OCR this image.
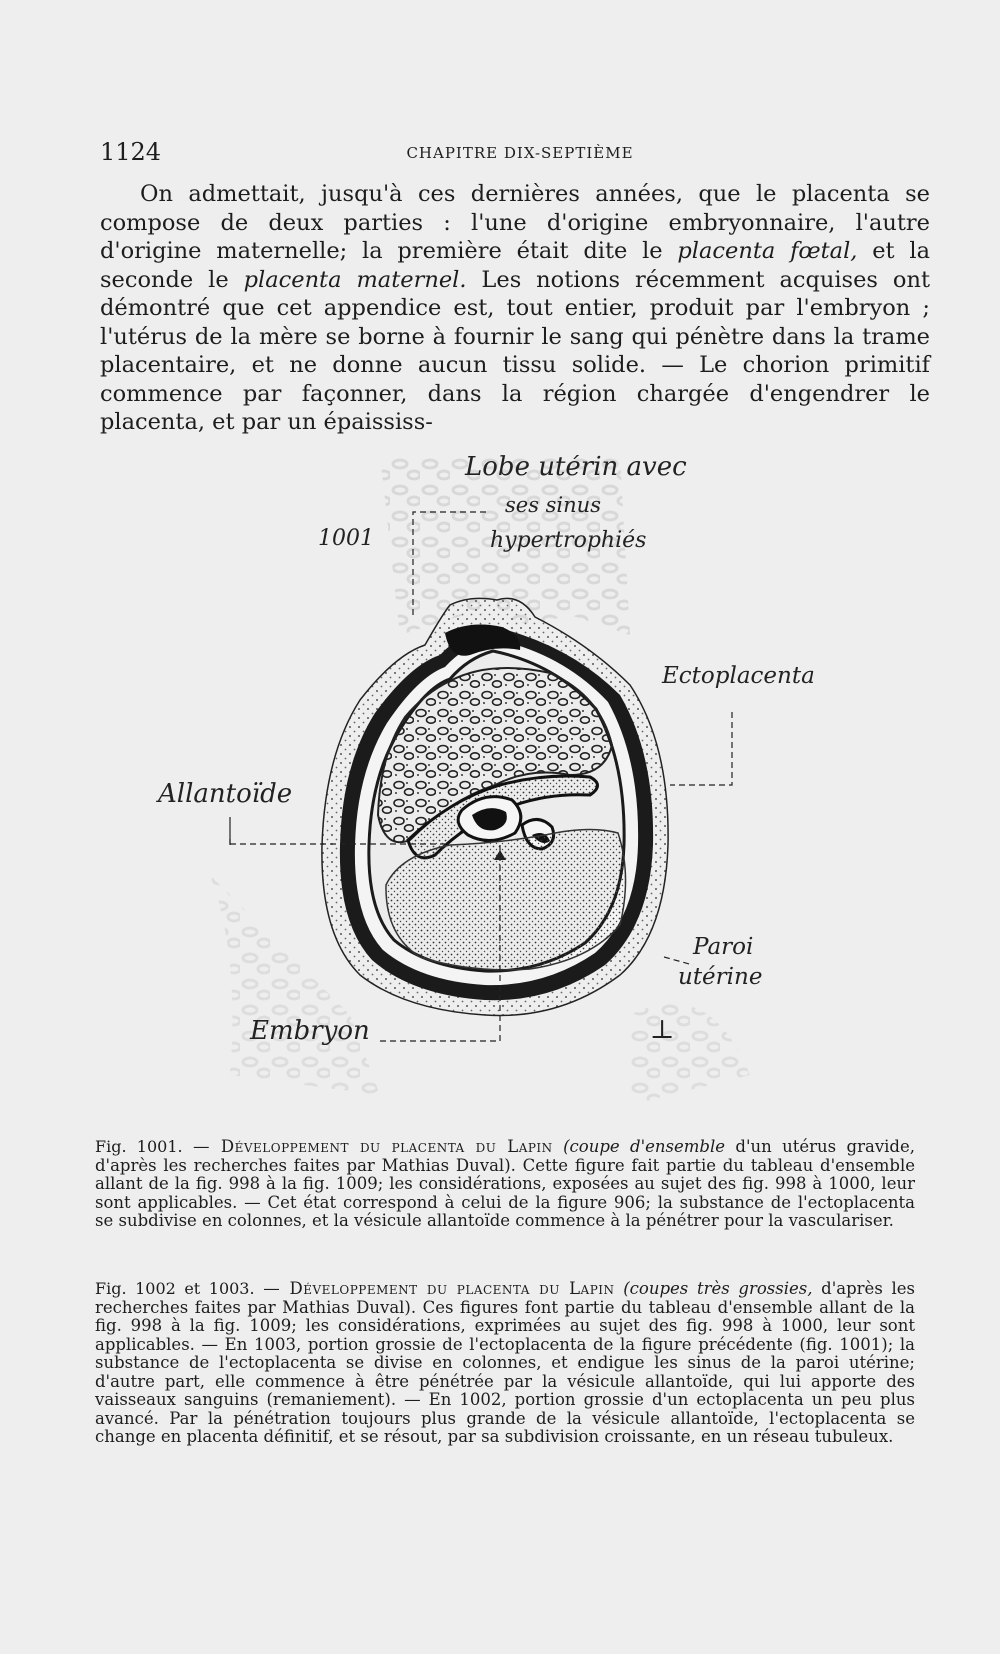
1124	CHAPITRE DIX-SEPTIÈME

On admettait, jusqu'à ces dernières années, que le placenta se compose de deux parties : l'une d'origine embryonnaire, l'autre d'origine maternelle; la première était dite le placenta fœtal, et la seconde le placenta maternel. Les notions récemment acquises ont démontré que cet appendice est, tout entier, produit par l'embryon ; l'utérus de la mère se borne à fournir le sang qui pénètre dans la trame placentaire, et ne donne aucun tissu solide. — Le chorion primitif commence par façonner, dans la région chargée d'engendrer le placenta, et par un épaississ-

Lobe utérin avec
ses sinus
hypertrophiés
1001
Ectoplacenta
Allantoïde
Paroi
utérine
Embryon	⊥

Fig. 1001. — Développement du placenta du Lapin (coupe d'ensemble d'un utérus gravide, d'après les recherches faites par Mathias Duval). Cette figure fait partie du tableau d'ensemble allant de la fig. 998 à la fig. 1009; les considérations, exposées au sujet des fig. 998 à 1000, leur sont applicables. — Cet état correspond à celui de la figure 906; la substance de l'ectoplacenta se subdivise en colonnes, et la vésicule allantoïde commence à la pénétrer pour la vasculariser.

Fig. 1002 et 1003. — Développement du placenta du Lapin (coupes très grossies, d'après les recherches faites par Mathias Duval). Ces figures font partie du tableau d'ensemble allant de la fig. 998 à la fig. 1009; les considérations, exprimées au sujet des fig. 998 à 1000, leur sont applicables. — En 1003, portion grossie de l'ectoplacenta de la figure précédente (fig. 1001); la substance de l'ectoplacenta se divise en colonnes, et endigue les sinus de la paroi utérine; d'autre part, elle commence à être pénétrée par la vésicule allantoïde, qui lui apporte des vaisseaux sanguins (remaniement). — En 1002, portion grossie d'un ectoplacenta un peu plus avancé. Par la pénétration toujours plus grande de la vésicule allantoïde, l'ectoplacenta se change en placenta définitif, et se résout, par sa subdivision croissante, en un réseau tubuleux.
